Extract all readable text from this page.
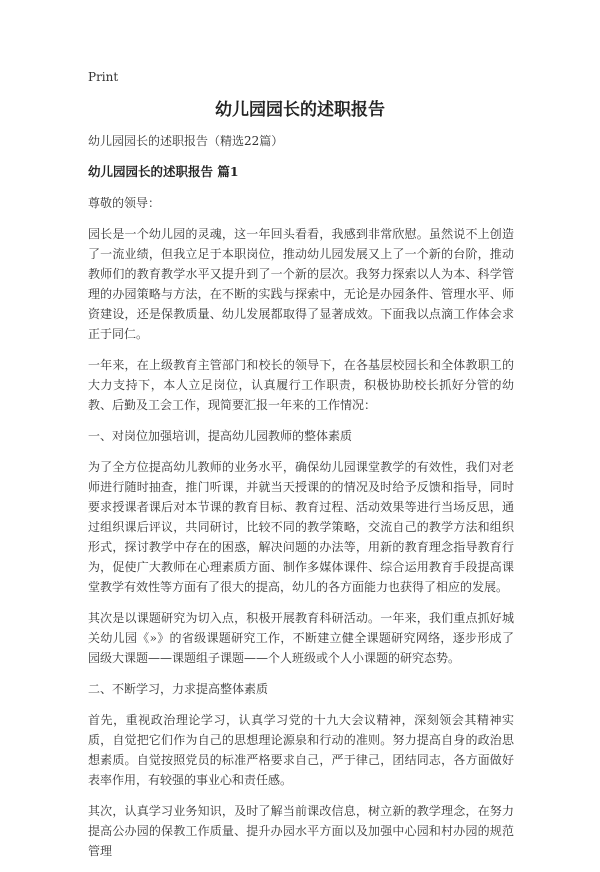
Print
幼儿园园长的述职报告

幼儿园园长的述职报告（精选22篇）

幼儿园园长的述职报告 篇1

尊敬的领导：

园长是一个幼儿园的灵魂，这一年回头看看，我感到非常欣慰。虽然说不上创造了一流业绩，但我立足于本职岗位，推动幼儿园发展又上了一个新的台阶，推动教师们的教育教学水平又提升到了一个新的层次。我努力探索以人为本、科学管理的办园策略与方法，在不断的实践与探索中，无论是办园条件、管理水平、师资建设，还是保教质量、幼儿发展都取得了显著成效。下面我以点滴工作体会求正于同仁。

一年来，在上级教育主管部门和校长的领导下，在各基层校园长和全体教职工的大力支持下，本人立足岗位，认真履行工作职责，积极协助校长抓好分管的幼教、后勤及工会工作，现简要汇报一年来的工作情况：

一、对岗位加强培训，提高幼儿园教师的整体素质

为了全方位提高幼儿教师的业务水平，确保幼儿园课堂教学的有效性，我们对老师进行随时抽查，推门听课，并就当天授课的的情况及时给予反馈和指导，同时要求授课者课后对本节课的教育目标、教育过程、活动效果等进行当场反思，通过组织课后评议，共同研讨，比较不同的教学策略，交流自己的教学方法和组织形式，探讨教学中存在的困惑，解决问题的办法等，用新的教育理念指导教育行为，促使广大教师在心理素质方面、制作多媒体课件、综合运用教育手段提高课堂教学有效性等方面有了很大的提高，幼儿的各方面能力也获得了相应的发展。

其次是以课题研究为切入点，积极开展教育科研活动。一年来，我们重点抓好城关幼儿园《»》的省级课题研究工作，不断建立健全课题研究网络，逐步形成了园级大课题——课题组子课题——个人班级或个人小课题的研究态势。

二、不断学习，力求提高整体素质

首先，重视政治理论学习，认真学习党的十九大会议精神，深刻领会其精神实质，自觉把它们作为自己的思想理论源泉和行动的准则。努力提高自身的政治思想素质。自觉按照党员的标准严格要求自己，严于律己，团结同志，各方面做好表率作用，有较强的事业心和责任感。

其次，认真学习业务知识，及时了解当前课改信息，树立新的教学理念，在努力提高公办园的保教工作质量、提升办园水平方面以及加强中心园和村办园的规范管理
